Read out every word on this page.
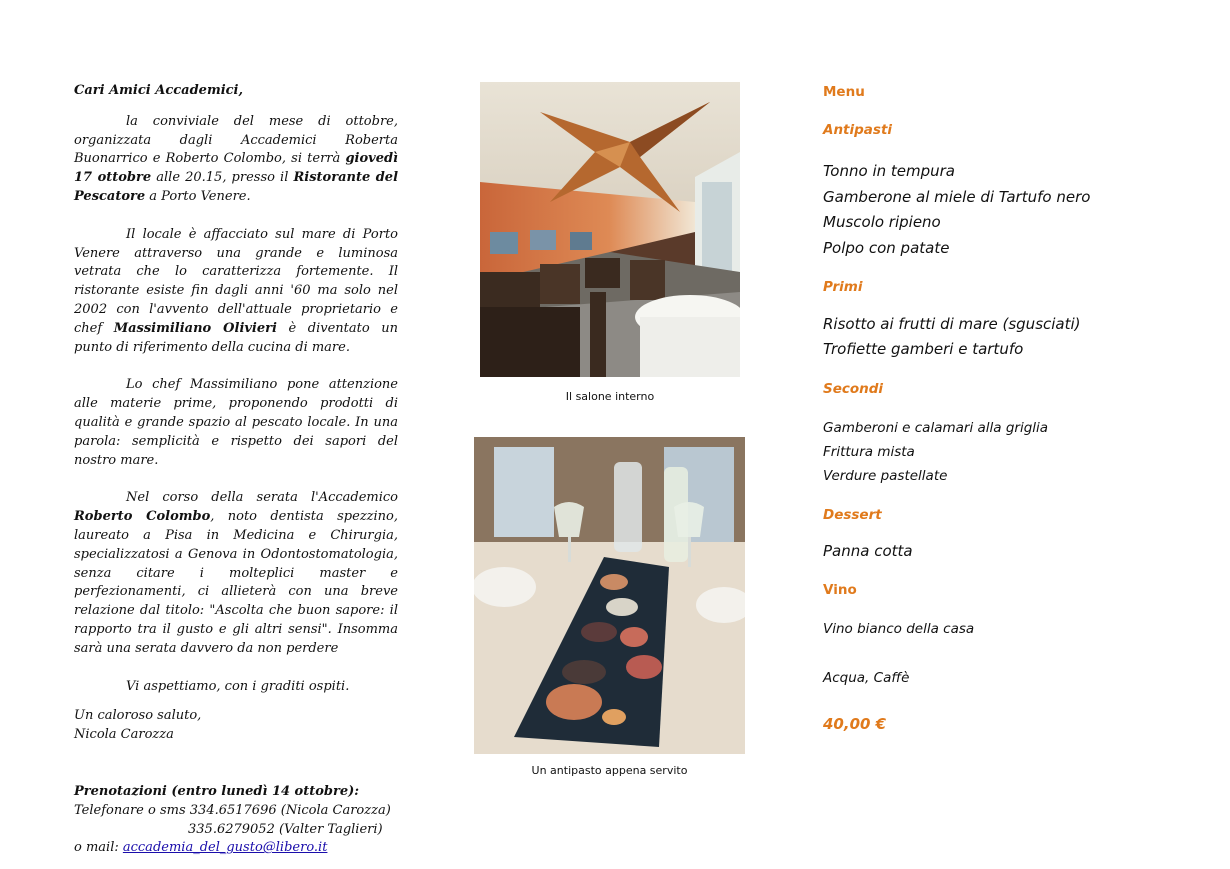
Cari Amici Accademici,

la conviviale del mese di ottobre, organizzata dagli Accademici Roberta Buonarrico e Roberto Colombo, si terrà giovedì 17 ottobre alle 20.15, presso il Ristorante del Pescatore a Porto Venere.

Il locale è affacciato sul mare di Porto Venere attraverso una grande e luminosa vetrata che lo caratterizza fortemente. Il ristorante esiste fin dagli anni '60 ma solo nel 2002 con l'avvento dell'attuale proprietario e chef Massimiliano Olivieri è diventato un punto di riferimento della cucina di mare.

Lo chef Massimiliano pone attenzione alle materie prime, proponendo prodotti di qualità e grande spazio al pescato locale. In una parola: semplicità e rispetto dei sapori del nostro mare.

Nel corso della serata l'Accademico Roberto Colombo, noto dentista spezzino, laureato a Pisa in Medicina e Chirurgia, specializzatosi a Genova in Odontostomatologia, senza citare i molteplici master e perfezionamenti, ci allieterà con una breve relazione dal titolo: "Ascolta che buon sapore: il rapporto tra il gusto e gli altri sensi". Insomma sarà una serata davvero da non perdere

Vi aspettiamo, con i graditi ospiti.

Un caloroso saluto,

Nicola Carozza

Prenotazioni (entro lunedì 14 ottobre):

Telefonare o sms 334.6517696 (Nicola Carozza)

335.6279052 (Valter Taglieri)

o mail: accademia_del_gusto@libero.it

Il salone interno
Un antipasto appena servito
Menu
Antipasti
Tonno in tempura
Gamberone al miele di Tartufo nero
Muscolo ripieno
Polpo con patate
Primi
Risotto ai frutti di mare (sgusciati)
Trofiette gamberi e tartufo
Secondi
Gamberoni e calamari alla griglia
Frittura mista
Verdure pastellate
Dessert
Panna cotta
Vino
Vino bianco della casa
Acqua, Caffè
40,00 €
